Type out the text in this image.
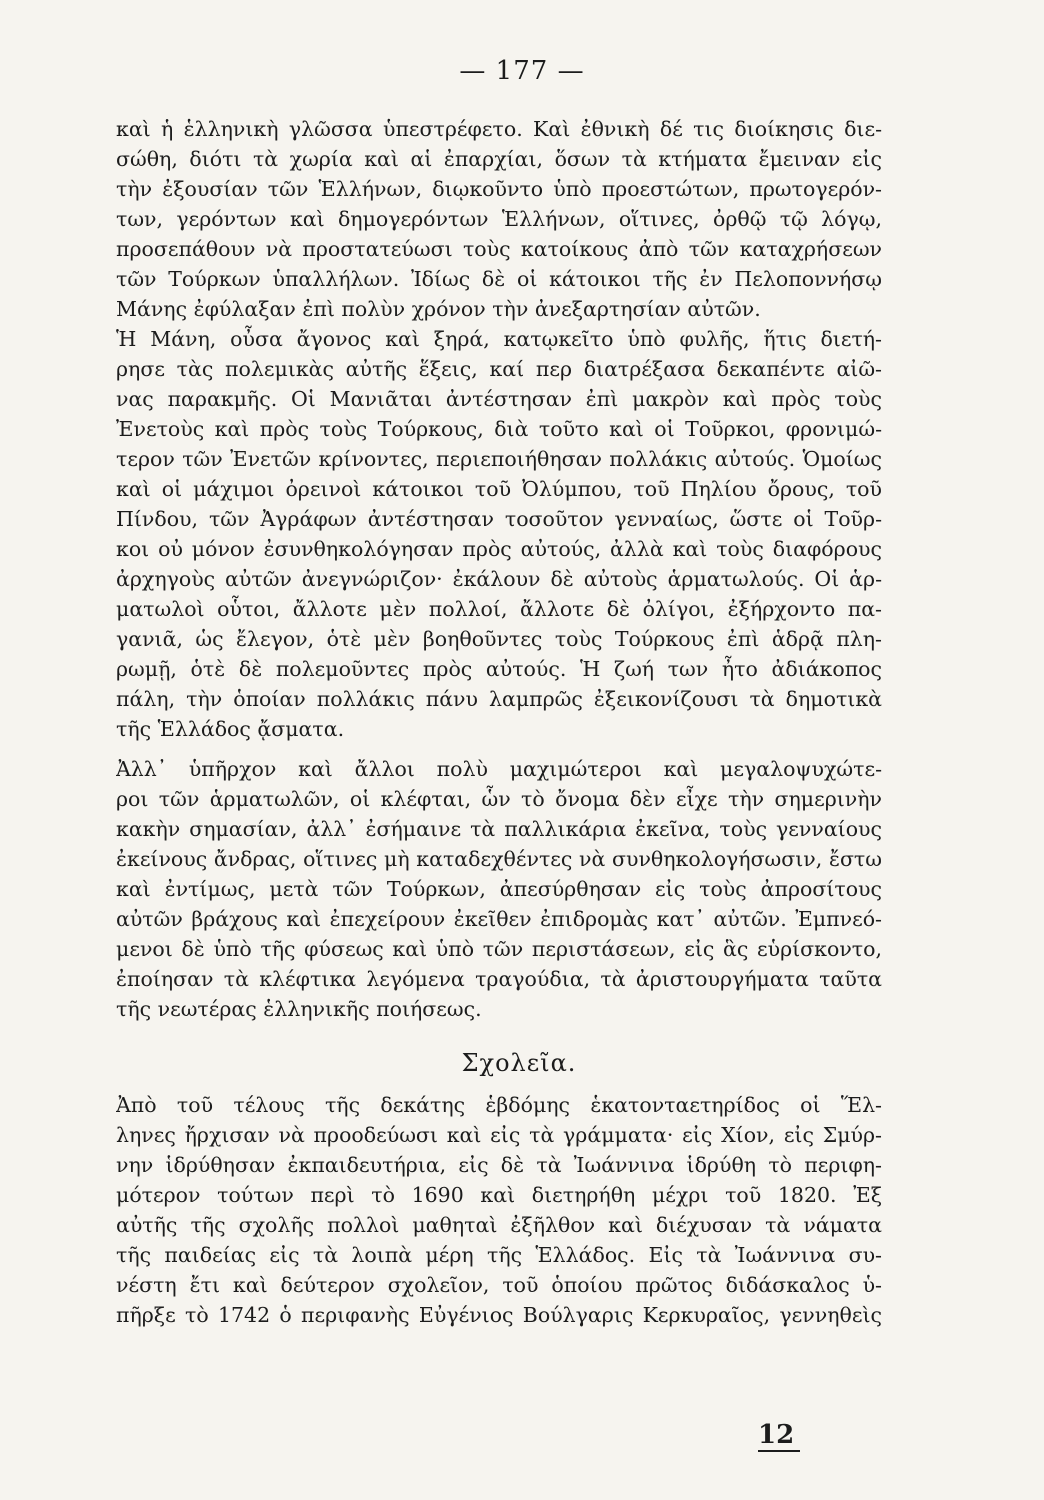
— 177 —
καὶ ἡ ἑλληνικὴ γλῶσσα ὑπεστρέφετο. Καὶ ἐθνικὴ δέ τις διοίκησις διε-
σώθη, διότι τὰ χωρία καὶ αἱ ἐπαρχίαι, ὅσων τὰ κτήματα ἔμειναν εἰς
τὴν ἐξουσίαν τῶν Ἑλλήνων, διῳκοῦντο ὑπὸ προεστώτων, πρωτογερόν-
των, γερόντων καὶ δημογερόντων Ἑλλήνων, οἵτινες, ὀρθῷ τῷ λόγῳ,
προσεπάθουν νὰ προστατεύωσι τοὺς κατοίκους ἀπὸ τῶν καταχρήσεων
τῶν Τούρκων ὑπαλλήλων. Ἰδίως δὲ οἱ κάτοικοι τῆς ἐν Πελοποννήσῳ
Μάνης ἐφύλαξαν ἐπὶ πολὺν χρόνον τὴν ἀνεξαρτησίαν αὐτῶν.
Ἡ Μάνη, οὖσα ἄγονος καὶ ξηρά, κατῳκεῖτο ὑπὸ φυλῆς, ἥτις διετή-
ρησε τὰς πολεμικὰς αὐτῆς ἕξεις, καί περ διατρέξασα δεκαπέντε αἰῶ-
νας παρακμῆς. Οἱ Μανιᾶται ἀντέστησαν ἐπὶ μακρὸν καὶ πρὸς τοὺς
Ἐνετοὺς καὶ πρὸς τοὺς Τούρκους, διὰ τοῦτο καὶ οἱ Τοῦρκοι, φρονιμώ-
τερον τῶν Ἐνετῶν κρίνοντες, περιεποιήθησαν πολλάκις αὐτούς. Ὁμοίως
καὶ οἱ μάχιμοι ὀρεινοὶ κάτοικοι τοῦ Ὀλύμπου, τοῦ Πηλίου ὄρους, τοῦ
Πίνδου, τῶν Ἀγράφων ἀντέστησαν τοσοῦτον γενναίως, ὥστε οἱ Τοῦρ-
κοι οὐ μόνον ἐσυνθηκολόγησαν πρὸς αὐτούς, ἀλλὰ καὶ τοὺς διαφόρους
ἀρχηγοὺς αὐτῶν ἀνεγνώριζον· ἐκάλουν δὲ αὐτοὺς ἁρματωλούς. Οἱ ἁρ-
ματωλοὶ οὗτοι, ἄλλοτε μὲν πολλοί, ἄλλοτε δὲ ὀλίγοι, ἐξήρχοντο πα-
γανιᾶ, ὡς ἔλεγον, ὁτὲ μὲν βοηθοῦντες τοὺς Τούρκους ἐπὶ ἁδρᾷ πλη-
ρωμῇ, ὁτὲ δὲ πολεμοῦντες πρὸς αὐτούς. Ἡ ζωή των ἦτο ἀδιάκοπος
πάλη, τὴν ὁποίαν πολλάκις πάνυ λαμπρῶς ἐξεικονίζουσι τὰ δημοτικὰ
τῆς Ἑλλάδος ᾄσματα.
Ἀλλ᾽ ὑπῆρχον καὶ ἄλλοι πολὺ μαχιμώτεροι καὶ μεγαλοψυχώτε-
ροι τῶν ἁρματωλῶν, οἱ κλέφται, ὧν τὸ ὄνομα δὲν εἶχε τὴν σημερινὴν
κακὴν σημασίαν, ἀλλ᾽ ἐσήμαινε τὰ παλλικάρια ἐκεῖνα, τοὺς γενναίους
ἐκείνους ἄνδρας, οἵτινες μὴ καταδεχθέντες νὰ συνθηκολογήσωσιν, ἔστω
καὶ ἐντίμως, μετὰ τῶν Τούρκων, ἀπεσύρθησαν εἰς τοὺς ἀπροσίτους
αὐτῶν βράχους καὶ ἐπεχείρουν ἐκεῖθεν ἐπιδρομὰς κατ᾽ αὐτῶν. Ἐμπνεό-
μενοι δὲ ὑπὸ τῆς φύσεως καὶ ὑπὸ τῶν περιστάσεων, εἰς ἃς εὑρίσκοντο,
ἐποίησαν τὰ κλέφτικα λεγόμενα τραγούδια, τὰ ἀριστουργήματα ταῦτα
τῆς νεωτέρας ἑλληνικῆς ποιήσεως.
Σχολεῖα.
Ἀπὸ τοῦ τέλους τῆς δεκάτης ἑβδόμης ἑκατονταετηρίδος οἱ Ἕλ-
ληνες ἤρχισαν νὰ προοδεύωσι καὶ εἰς τὰ γράμματα· εἰς Χίον, εἰς Σμύρ-
νην ἱδρύθησαν ἐκπαιδευτήρια, εἰς δὲ τὰ Ἰωάννινα ἱδρύθη τὸ περιφη-
μότερον τούτων περὶ τὸ 1690 καὶ διετηρήθη μέχρι τοῦ 1820. Ἐξ
αὐτῆς τῆς σχολῆς πολλοὶ μαθηταὶ ἐξῆλθον καὶ διέχυσαν τὰ νάματα
τῆς παιδείας εἰς τὰ λοιπὰ μέρη τῆς Ἑλλάδος. Εἰς τὰ Ἰωάννινα συ-
νέστη ἔτι καὶ δεύτερον σχολεῖον, τοῦ ὁποίου πρῶτος διδάσκαλος ὑ-
πῆρξε τὸ 1742 ὁ περιφανὴς Εὐγένιος Βούλγαρις Κερκυραῖος, γεννηθεὶς
12
